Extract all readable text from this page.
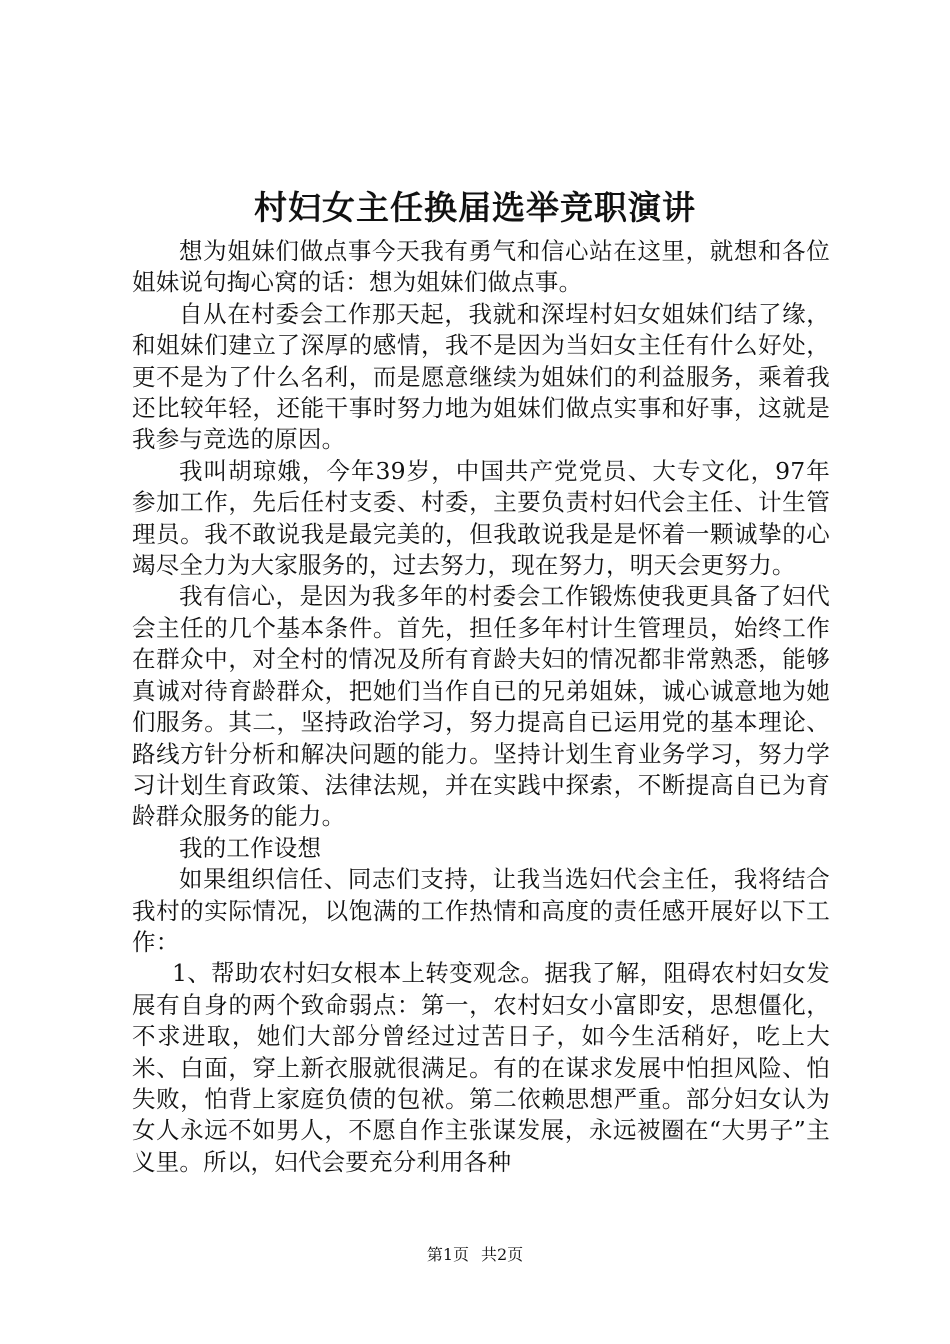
村妇女主任换届选举竞职演讲

想为姐妹们做点事今天我有勇气和信心站在这里，就想和各位姐妹说句掏心窝的话：想为姐妹们做点事。

自从在村委会工作那天起，我就和深埕村妇女姐妹们结了缘，和姐妹们建立了深厚的感情，我不是因为当妇女主任有什么好处，更不是为了什么名利，而是愿意继续为姐妹们的利益服务，乘着我还比较年轻，还能干事时努力地为姐妹们做点实事和好事，这就是我参与竞选的原因。

我叫胡琼娥，今年39岁，中国共产党党员、大专文化，97年参加工作，先后任村支委、村委，主要负责村妇代会主任、计生管理员。我不敢说我是最完美的，但我敢说我是是怀着一颗诚挚的心竭尽全力为大家服务的，过去努力，现在努力，明天会更努力。

我有信心，是因为我多年的村委会工作锻炼使我更具备了妇代会主任的几个基本条件。首先，担任多年村计生管理员，始终工作在群众中，对全村的情况及所有育龄夫妇的情况都非常熟悉，能够真诚对待育龄群众，把她们当作自已的兄弟姐妹，诚心诚意地为她们服务。其二，坚持政治学习，努力提高自已运用党的基本理论、路线方针分析和解决问题的能力。坚持计划生育业务学习，努力学习计划生育政策、法律法规，并在实践中探索，不断提高自已为育龄群众服务的能力。

我的工作设想

如果组织信任、同志们支持，让我当选妇代会主任，我将结合我村的实际情况，以饱满的工作热情和高度的责任感开展好以下工作：

1、帮助农村妇女根本上转变观念。据我了解，阻碍农村妇女发展有自身的两个致命弱点：第一，农村妇女小富即安，思想僵化，不求进取，她们大部分曾经过过苦日子，如今生活稍好，吃上大米、白面，穿上新衣服就很满足。有的在谋求发展中怕担风险、怕失败，怕背上家庭负债的包袱。第二依赖思想严重。部分妇女认为女人永远不如男人，不愿自作主张谋发展，永远被圈在“大男子”主义里。所以，妇代会要充分利用各种

第1页 共2页
